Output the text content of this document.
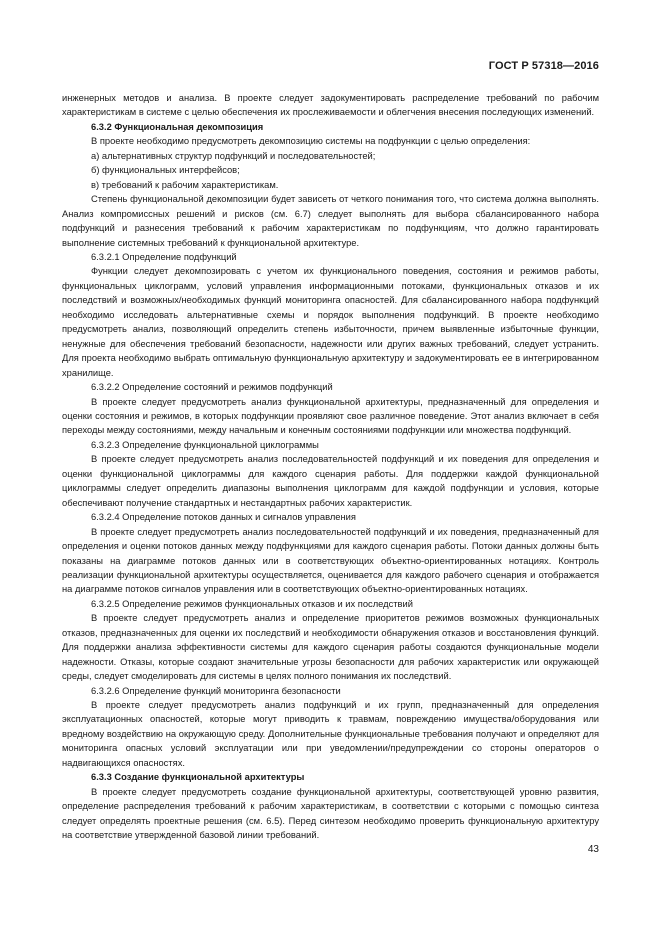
ГОСТ Р 57318—2016

инженерных методов и анализа. В проекте следует задокументировать распределение требований по рабочим характеристикам в системе с целью обеспечения их прослеживаемости и облегчения внесения последующих изменений.

6.3.2 Функциональная декомпозиция

В проекте необходимо предусмотреть декомпозицию системы на подфункции с целью определения:

а) альтернативных структур подфункций и последовательностей;

б) функциональных интерфейсов;

в) требований к рабочим характеристикам.

Степень функциональной декомпозиции будет зависеть от четкого понимания того, что система должна выполнять. Анализ компромиссных решений и рисков (см. 6.7) следует выполнять для выбора сбалансированного набора подфункций и разнесения требований к рабочим характеристикам по подфункциям, что должно гарантировать выполнение системных требований к функциональной архитектуре.

6.3.2.1 Определение подфункций

Функции следует декомпозировать с учетом их функционального поведения, состояния и режимов работы, функциональных циклограмм, условий управления информационными потоками, функциональных отказов и их последствий и возможных/необходимых функций мониторинга опасностей. Для сбалансированного набора подфункций необходимо исследовать альтернативные схемы и порядок выполнения подфункций. В проекте необходимо предусмотреть анализ, позволяющий определить степень избыточности, причем выявленные избыточные функции, ненужные для обеспечения требований безопасности, надежности или других важных требований, следует устранить. Для проекта необходимо выбрать оптимальную функциональную архитектуру и задокументировать ее в интегрированном хранилище.

6.3.2.2 Определение состояний и режимов подфункций

В проекте следует предусмотреть анализ функциональной архитектуры, предназначенный для определения и оценки состояния и режимов, в которых подфункции проявляют свое различное поведение. Этот анализ включает в себя переходы между состояниями, между начальным и конечным состояниями подфункции или множества подфункций.

6.3.2.3 Определение функциональной циклограммы

В проекте следует предусмотреть анализ последовательностей подфункций и их поведения для определения и оценки функциональной циклограммы для каждого сценария работы. Для поддержки каждой функциональной циклограммы следует определить диапазоны выполнения циклограмм для каждой подфункции и условия, которые обеспечивают получение стандартных и нестандартных рабочих характеристик.

6.3.2.4 Определение потоков данных и сигналов управления

В проекте следует предусмотреть анализ последовательностей подфункций и их поведения, предназначенный для определения и оценки потоков данных между подфункциями для каждого сценария работы. Потоки данных должны быть показаны на диаграмме потоков данных или в соответствующих объектно-ориентированных нотациях. Контроль реализации функциональной архитектуры осуществляется, оценивается для каждого рабочего сценария и отображается на диаграмме потоков сигналов управления или в соответствующих объектно-ориентированных нотациях.

6.3.2.5 Определение режимов функциональных отказов и их последствий

В проекте следует предусмотреть анализ и определение приоритетов режимов возможных функциональных отказов, предназначенных для оценки их последствий и необходимости обнаружения отказов и восстановления функций. Для поддержки анализа эффективности системы для каждого сценария работы создаются функциональные модели надежности. Отказы, которые создают значительные угрозы безопасности для рабочих характеристик или окружающей среды, следует смоделировать для системы в целях полного понимания их последствий.

6.3.2.6 Определение функций мониторинга безопасности

В проекте следует предусмотреть анализ подфункций и их групп, предназначенный для определения эксплуатационных опасностей, которые могут приводить к травмам, повреждению имущества/оборудования или вредному воздействию на окружающую среду. Дополнительные функциональные требования получают и определяют для мониторинга опасных условий эксплуатации или при уведомлении/предупреждении со стороны операторов о надвигающихся опасностях.

6.3.3 Создание функциональной архитектуры

В проекте следует предусмотреть создание функциональной архитектуры, соответствующей уровню развития, определение распределения требований к рабочим характеристикам, в соответствии с которыми с помощью синтеза следует определять проектные решения (см. 6.5). Перед синтезом необходимо проверить функциональную архитектуру на соответствие утвержденной базовой линии требований.

43
